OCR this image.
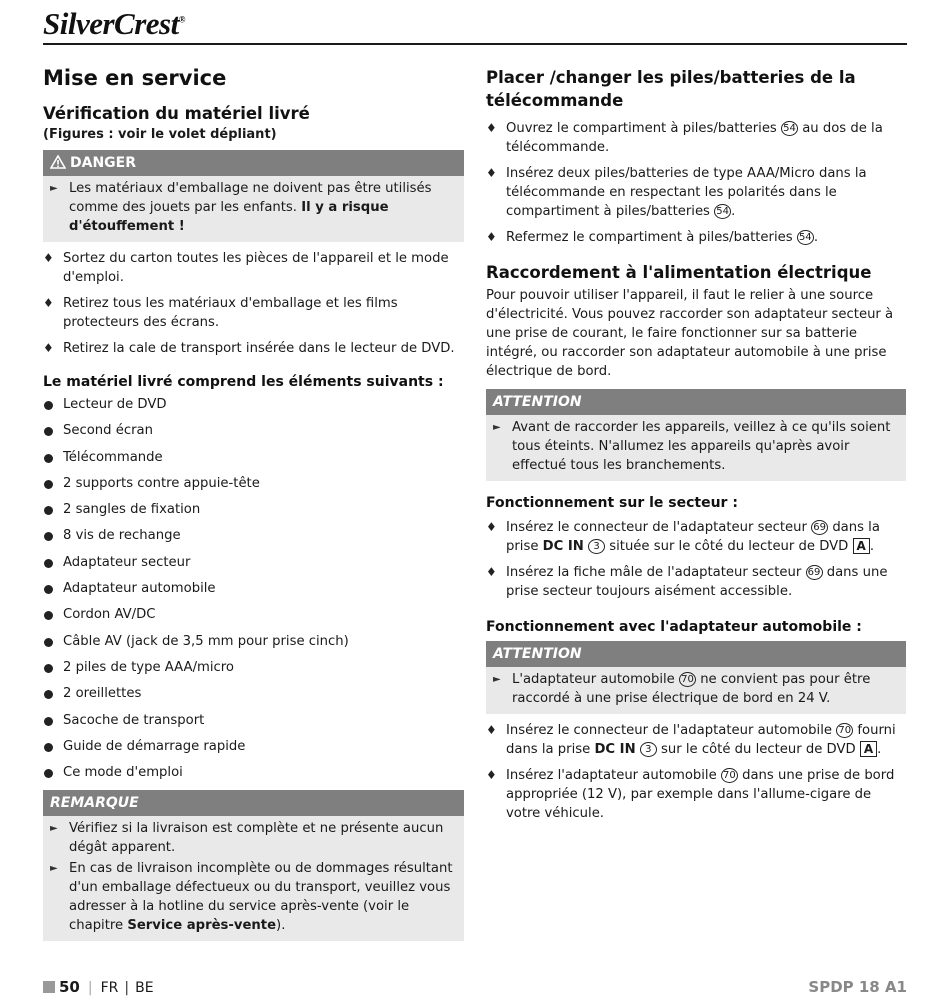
SilverCrest®
Mise en service
Vérification du matériel livré
(Figures : voir le volet dépliant)
DANGER
► Les matériaux d'emballage ne doivent pas être utilisés comme des jouets par les enfants. Il y a risque d'étouffement !
♦ Sortez du carton toutes les pièces de l'appareil et le mode d'emploi.
♦ Retirez tous les matériaux d'emballage et les films protecteurs des écrans.
♦ Retirez la cale de transport insérée dans le lecteur de DVD.
Le matériel livré comprend les éléments suivants :
Lecteur de DVD
Second écran
Télécommande
2 supports contre appuie-tête
2 sangles de fixation
8 vis de rechange
Adaptateur secteur
Adaptateur automobile
Cordon AV/DC
Câble AV (jack de 3,5 mm pour prise cinch)
2 piles de type AAA/micro
2 oreillettes
Sacoche de transport
Guide de démarrage rapide
Ce mode d'emploi
REMARQUE
► Vérifiez si la livraison est complète et ne présente aucun dégât apparent.
► En cas de livraison incomplète ou de dommages résultant d'un emballage défectueux ou du transport, veuillez vous adresser à la hotline du service après-vente (voir le chapitre Service après-vente).
Placer /changer les piles/batteries de la télécommande
♦ Ouvrez le compartiment à piles/batteries 54 au dos de la télécommande.
♦ Insérez deux piles/batteries de type AAA/Micro dans la télécommande en respectant les polarités dans le compartiment à piles/batteries 54 .
♦ Refermez le compartiment à piles/batteries 54 .
Raccordement à l'alimentation électrique

Pour pouvoir utiliser l'appareil, il faut le relier à une source d'électricité. Vous pouvez raccorder son adaptateur secteur à une prise de courant, le faire fonctionner sur sa batterie intégré, ou raccorder son adaptateur automobile à une prise électrique de bord.

ATTENTION
► Avant de raccorder les appareils, veillez à ce qu'ils soient tous éteints. N'allumez les appareils qu'après avoir effectué tous les branchements.
Fonctionnement sur le secteur :
♦ Insérez le connecteur de l'adaptateur secteur 69 dans la prise DC IN 3 située sur le côté du lecteur de DVD A .
♦ Insérez la fiche mâle de l'adaptateur secteur 69 dans une prise secteur toujours aisément accessible.
Fonctionnement avec l'adaptateur automobile :
ATTENTION
► L'adaptateur automobile 70 ne convient pas pour être raccordé à une prise électrique de bord en 24 V.
♦ Insérez le connecteur de l'adaptateur automobile 70 fourni dans la prise DC IN 3 sur le côté du lecteur de DVD A .
♦ Insérez l'adaptateur automobile 70 dans une prise de bord appropriée (12 V), par exemple dans l'allume-cigare de votre véhicule.
50 | FR | BE	SPDP 18 A1
